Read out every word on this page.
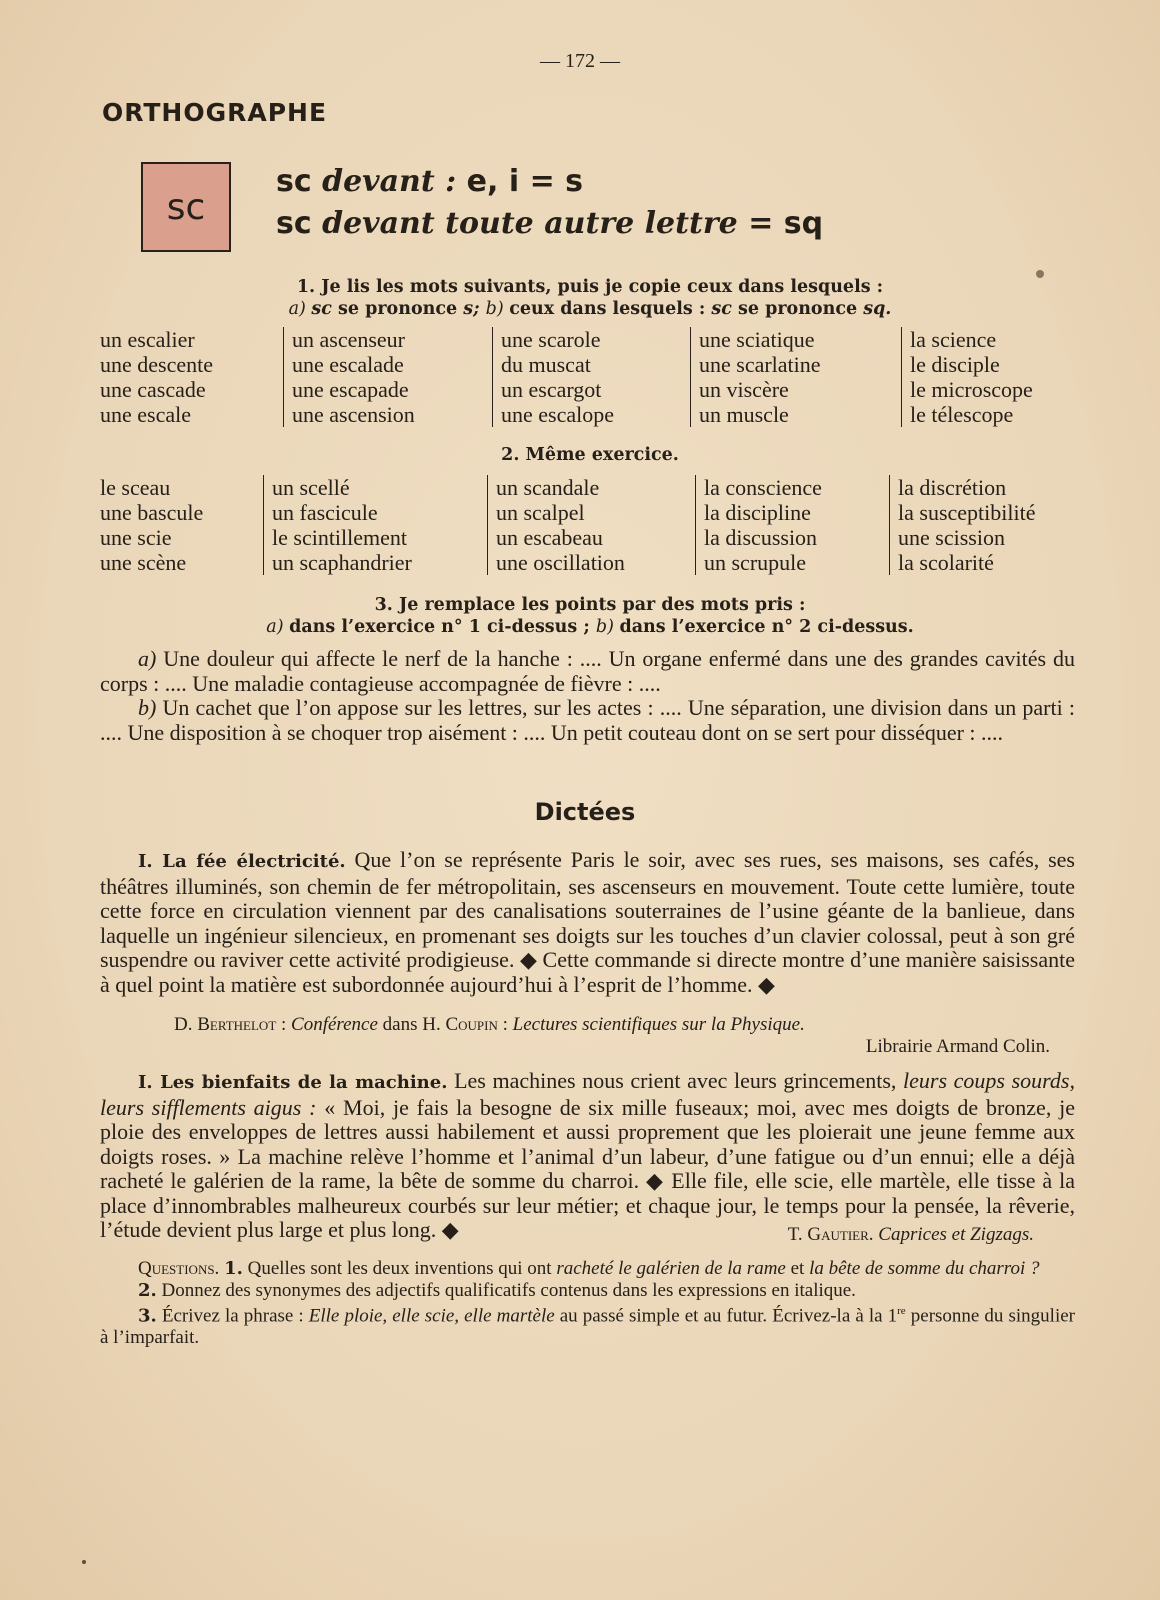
— 172 —
ORTHOGRAPHE
sc
sc devant : e, i = s
sc devant toute autre lettre = sq
1. Je lis les mots suivants, puis je copie ceux dans lesquels :
a) sc se prononce s; b) ceux dans lesquels : sc se prononce sq.
un escalier
une descente
une cascade
une escale
un ascenseur
une escalade
une escapade
une ascension
une scarole
du muscat
un escargot
une escalope
une sciatique
une scarlatine
un viscère
un muscle
la science
le disciple
le microscope
le télescope
2. Même exercice.
le sceau
une bascule
une scie
une scène
un scellé
un fascicule
le scintillement
un scaphandrier
un scandale
un scalpel
un escabeau
une oscillation
la conscience
la discipline
la discussion
un scrupule
la discrétion
la susceptibilité
une scission
la scolarité
3. Je remplace les points par des mots pris :
a) dans l’exercice n° 1 ci-dessus ; b) dans l’exercice n° 2 ci-dessus.

a) Une douleur qui affecte le nerf de la hanche : .... Un organe enfermé dans une des grandes cavités du corps : .... Une maladie contagieuse accompagnée de fièvre : ....

b) Un cachet que l’on appose sur les lettres, sur les actes : .... Une séparation, une division dans un parti : .... Une disposition à se choquer trop aisément : .... Un petit couteau dont on se sert pour disséquer : ....

Dictées

I. La fée électricité. Que l’on se représente Paris le soir, avec ses rues, ses maisons, ses cafés, ses théâtres illuminés, son chemin de fer métropolitain, ses ascenseurs en mouvement. Toute cette lumière, toute cette force en circulation viennent par des canalisations souterraines de l’usine géante de la banlieue, dans laquelle un ingénieur silencieux, en promenant ses doigts sur les touches d’un clavier colossal, peut à son gré suspendre ou raviver cette activité prodigieuse. ◆ Cette commande si directe montre d’une manière saisissante à quel point la matière est subordonnée aujourd’hui à l’esprit de l’homme. ◆

D. Berthelot : Conférence dans H. Coupin : Lectures scientifiques sur la Physique.
Librairie Armand Colin.

I. Les bienfaits de la machine. Les machines nous crient avec leurs grincements, leurs coups sourds, leurs sifflements aigus : « Moi, je fais la besogne de six mille fuseaux; moi, avec mes doigts de bronze, je ploie des enveloppes de lettres aussi habilement et aussi proprement que les ploierait une jeune femme aux doigts roses. » La machine relève l’homme et l’animal d’un labeur, d’une fatigue ou d’un ennui; elle a déjà racheté le galérien de la rame, la bête de somme du charroi. ◆ Elle file, elle scie, elle martèle, elle tisse à la place d’innombrables malheureux courbés sur leur métier; et chaque jour, le temps pour la pensée, la rêverie, l’étude devient plus large et plus long. ◆	T. Gautier. Caprices et Zigzags.

Questions. 1. Quelles sont les deux inventions qui ont racheté le galérien de la rame et la bête de somme du charroi ?

2. Donnez des synonymes des adjectifs qualificatifs contenus dans les expressions en italique.

3. Écrivez la phrase : Elle ploie, elle scie, elle martèle au passé simple et au futur. Écrivez-la à la 1re personne du singulier à l’imparfait.
